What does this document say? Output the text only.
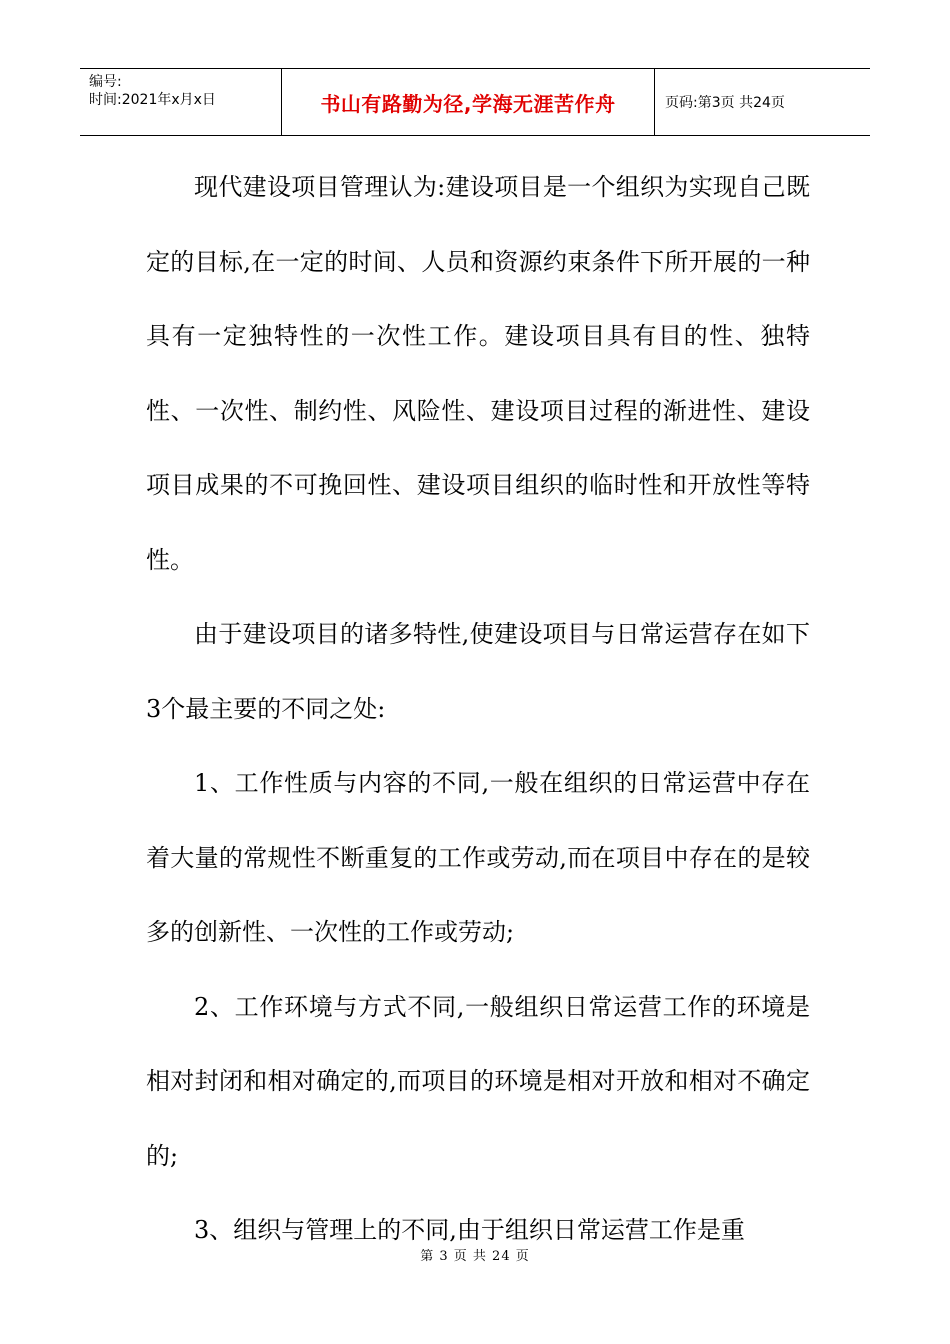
编号:
时间:2021年x月x日	书山有路勤为径,学海无涯苦作舟	页码:第3页 共24页

现代建设项目管理认为:建设项目是一个组织为实现自己既定的目标,在一定的时间、人员和资源约束条件下所开展的一种具有一定独特性的一次性工作。建设项目具有目的性、独特性、一次性、制约性、风险性、建设项目过程的渐进性、建设项目成果的不可挽回性、建设项目组织的临时性和开放性等特性。

由于建设项目的诸多特性,使建设项目与日常运营存在如下3个最主要的不同之处:

1、工作性质与内容的不同,一般在组织的日常运营中存在着大量的常规性不断重复的工作或劳动,而在项目中存在的是较多的创新性、一次性的工作或劳动;

2、工作环境与方式不同,一般组织日常运营工作的环境是相对封闭和相对确定的,而项目的环境是相对开放和相对不确定的;

3、组织与管理上的不同,由于组织日常运营工作是重

第 3 页 共 24 页
